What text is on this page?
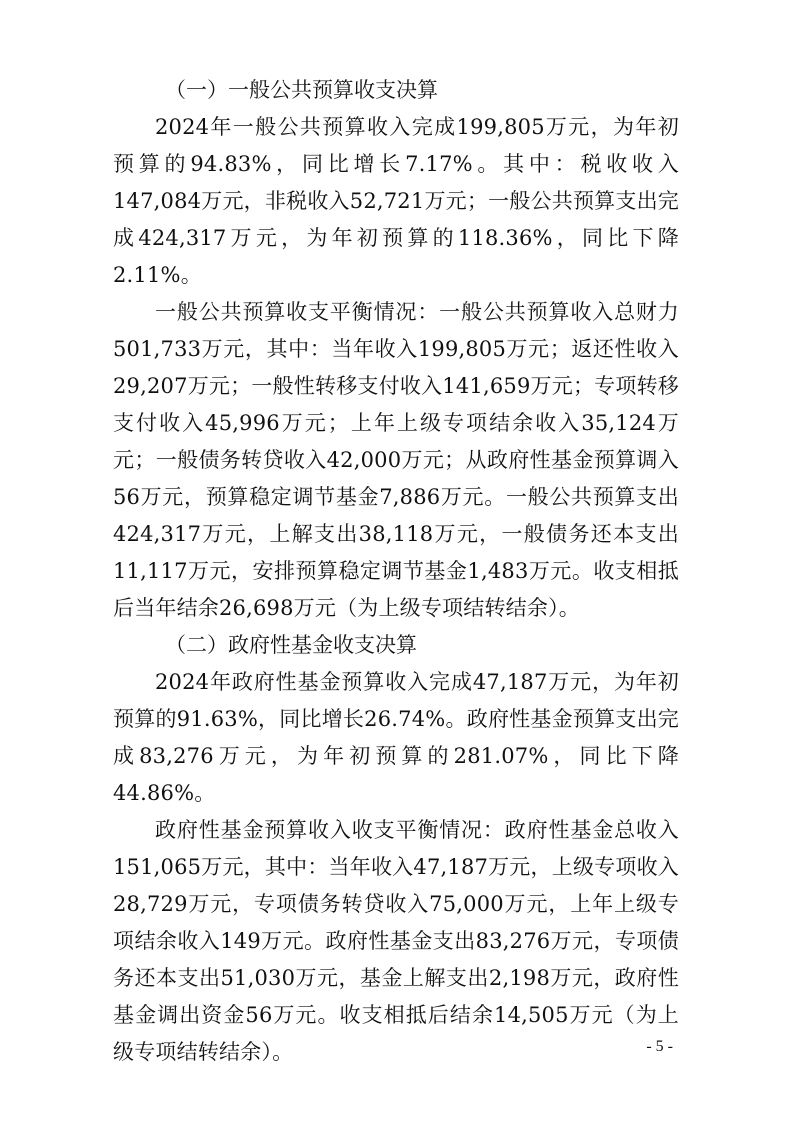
（一）一般公共预算收支决算

2024年一般公共预算收入完成199,805万元，为年初预算的94.83%，同比增长7.17%。其中：税收收入147,084万元，非税收入52,721万元；一般公共预算支出完成424,317万元，为年初预算的118.36%，同比下降2.11%。

一般公共预算收支平衡情况：一般公共预算收入总财力501,733万元，其中：当年收入199,805万元；返还性收入29,207万元；一般性转移支付收入141,659万元；专项转移支付收入45,996万元；上年上级专项结余收入35,124万元；一般债务转贷收入42,000万元；从政府性基金预算调入56万元，预算稳定调节基金7,886万元。一般公共预算支出424,317万元，上解支出38,118万元，一般债务还本支出11,117万元，安排预算稳定调节基金1,483万元。收支相抵后当年结余26,698万元（为上级专项结转结余）。

（二）政府性基金收支决算

2024年政府性基金预算收入完成47,187万元，为年初预算的91.63%，同比增长26.74%。政府性基金预算支出完成83,276万元，为年初预算的281.07%，同比下降44.86%。

政府性基金预算收入收支平衡情况：政府性基金总收入151,065万元，其中：当年收入47,187万元，上级专项收入28,729万元，专项债务转贷收入75,000万元，上年上级专项结余收入149万元。政府性基金支出83,276万元，专项债务还本支出51,030万元，基金上解支出2,198万元，政府性基金调出资金56万元。收支相抵后结余14,505万元（为上级专项结转结余）。	- 5 -
